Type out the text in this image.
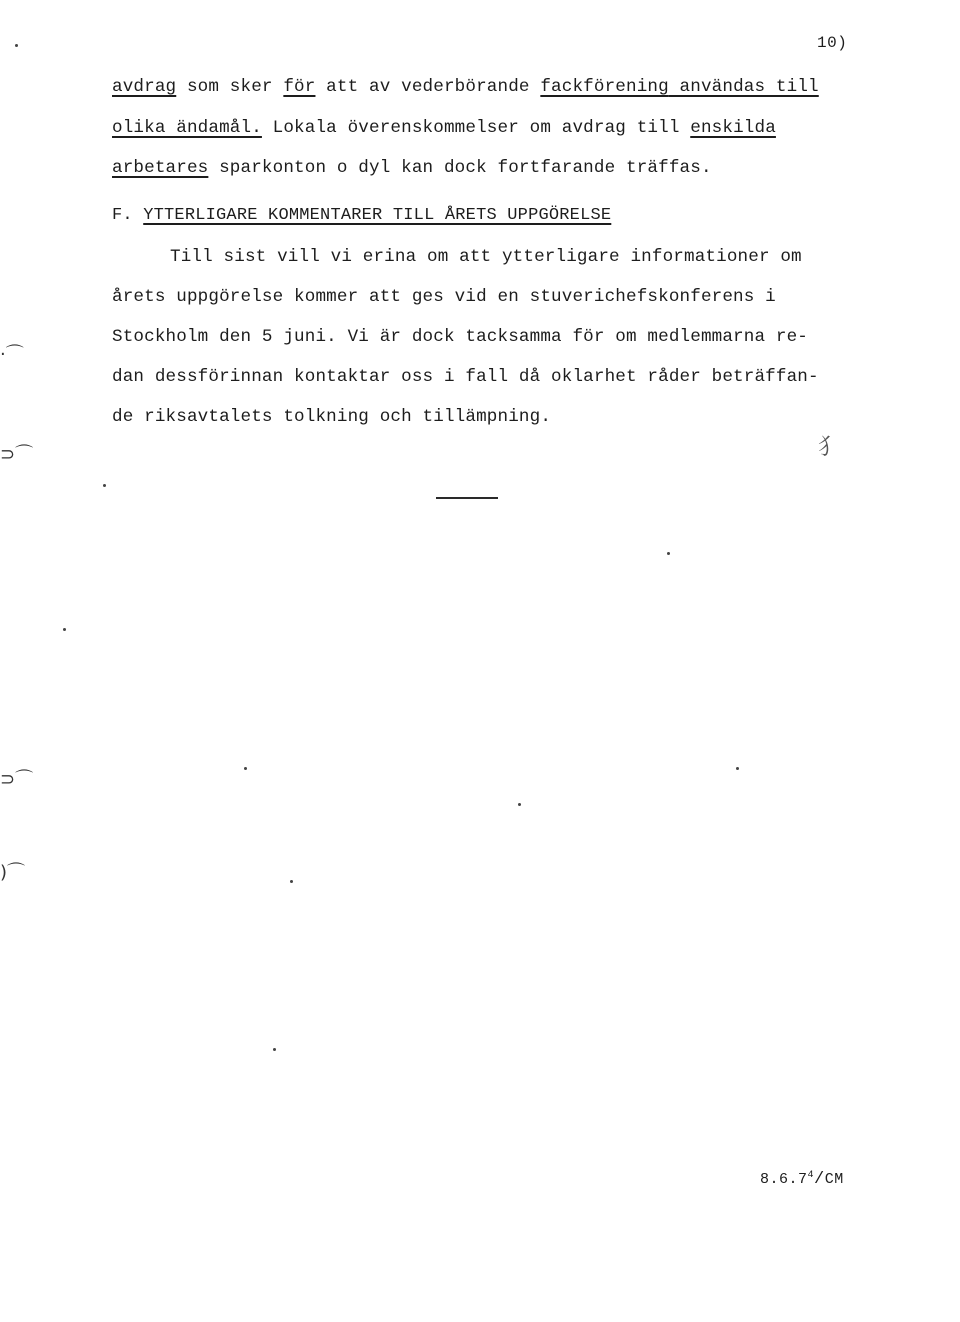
10)
avdrag som sker för att av vederbörande fackförening användas till
olika ändamål. Lokala överenskommelser om avdrag till enskilda
arbetares sparkonton o dyl kan dock fortfarande träffas.
F. YTTERLIGARE KOMMENTARER TILL ÅRETS UPPGÖRELSE
Till sist vill vi erina om att ytterligare informationer om
årets uppgörelse kommer att ges vid en stuverichefskonferens i
Stockholm den 5 juni. Vi är dock tacksamma för om medlemmarna re-
dan dessförinnan kontaktar oss i fall då oklarhet råder beträffan-
de riksavtalets tolkning och tillämpning.
$8.6.7^4/CM$
·⌒
⊃⌒
⊃⌒
)⌒
⺨
